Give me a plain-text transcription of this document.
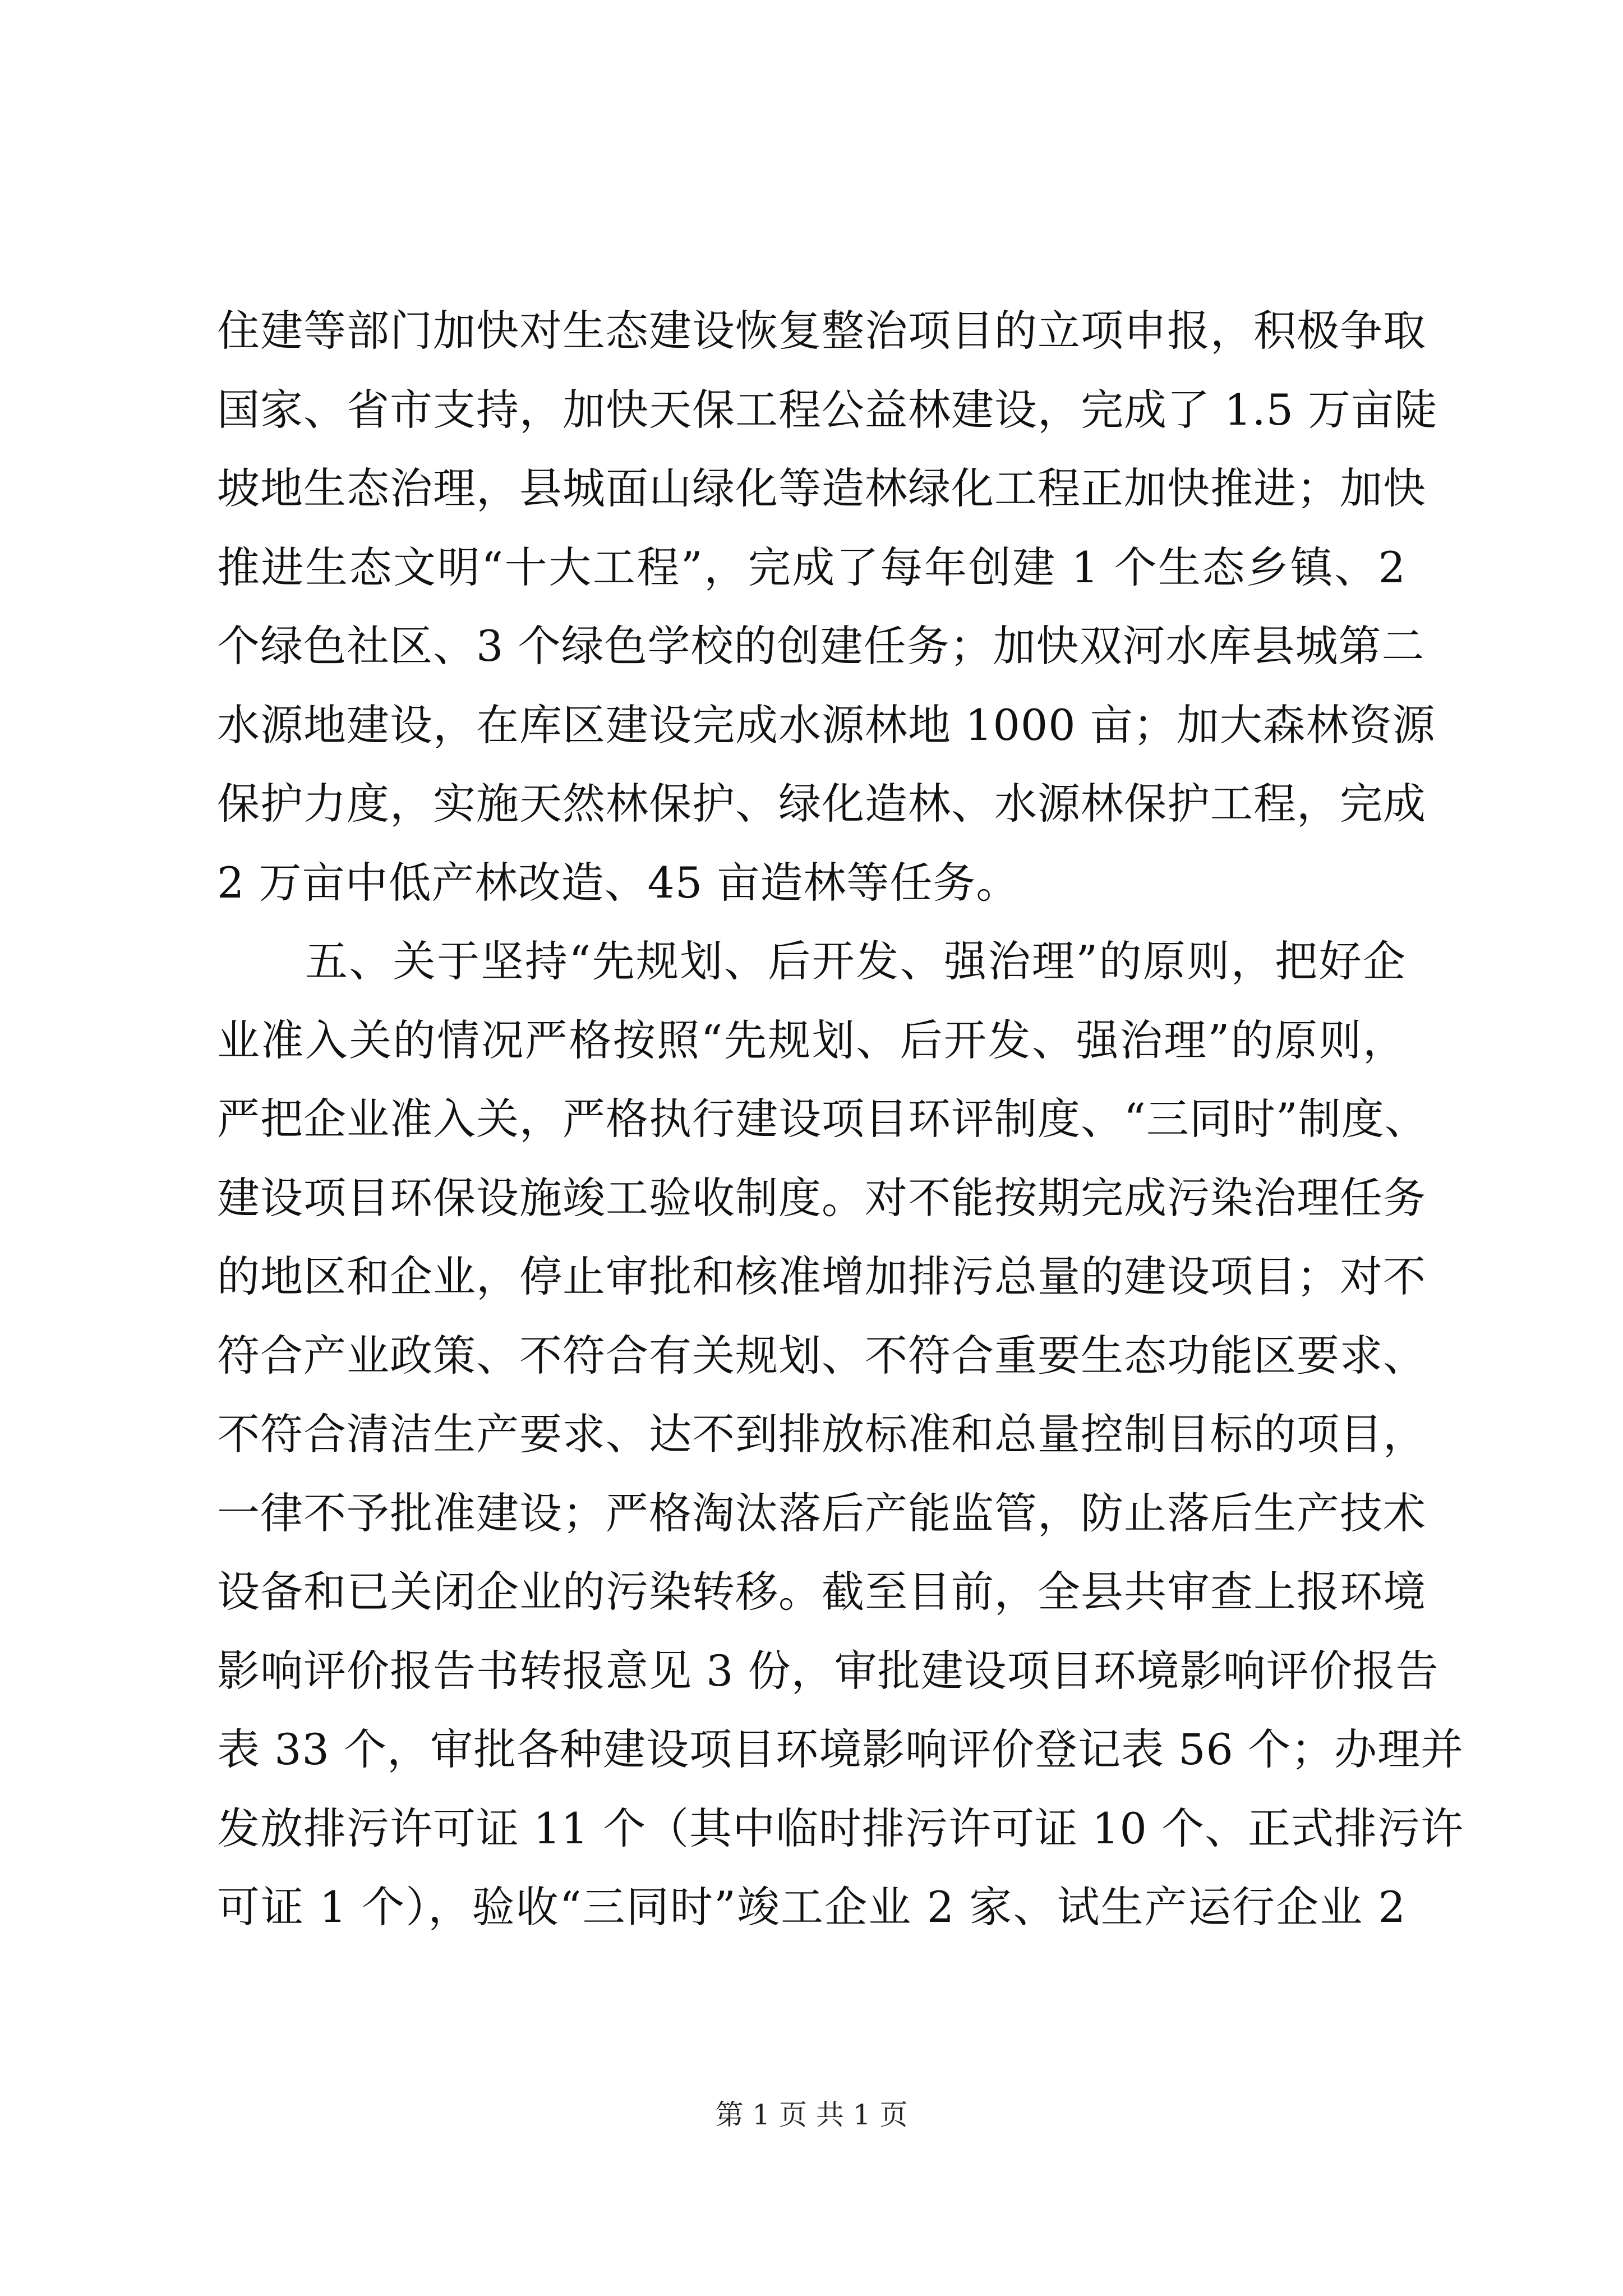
住建等部门加快对生态建设恢复整治项目的立项申报，积极争取
国家、省市支持，加快天保工程公益林建设，完成了 1.5 万亩陡
坡地生态治理，县城面山绿化等造林绿化工程正加快推进；加快
推进生态文明“十大工程”，完成了每年创建 1 个生态乡镇、2
个绿色社区、3 个绿色学校的创建任务；加快双河水库县城第二
水源地建设，在库区建设完成水源林地 1000 亩；加大森林资源
保护力度，实施天然林保护、绿化造林、水源林保护工程，完成
2 万亩中低产林改造、45 亩造林等任务。
　　五、关于坚持“先规划、后开发、强治理”的原则，把好企
业准入关的情况严格按照“先规划、后开发、强治理”的原则，
严把企业准入关，严格执行建设项目环评制度、“三同时”制度、
建设项目环保设施竣工验收制度。对不能按期完成污染治理任务
的地区和企业，停止审批和核准增加排污总量的建设项目；对不
符合产业政策、不符合有关规划、不符合重要生态功能区要求、
不符合清洁生产要求、达不到排放标准和总量控制目标的项目，
一律不予批准建设；严格淘汰落后产能监管，防止落后生产技术
设备和已关闭企业的污染转移。截至目前，全县共审查上报环境
影响评价报告书转报意见 3 份，审批建设项目环境影响评价报告
表 33 个，审批各种建设项目环境影响评价登记表 56 个；办理并
发放排污许可证 11 个（其中临时排污许可证 10 个、正式排污许
可证 1 个），验收“三同时”竣工企业 2 家、试生产运行企业 2
第 1 页 共 1 页
